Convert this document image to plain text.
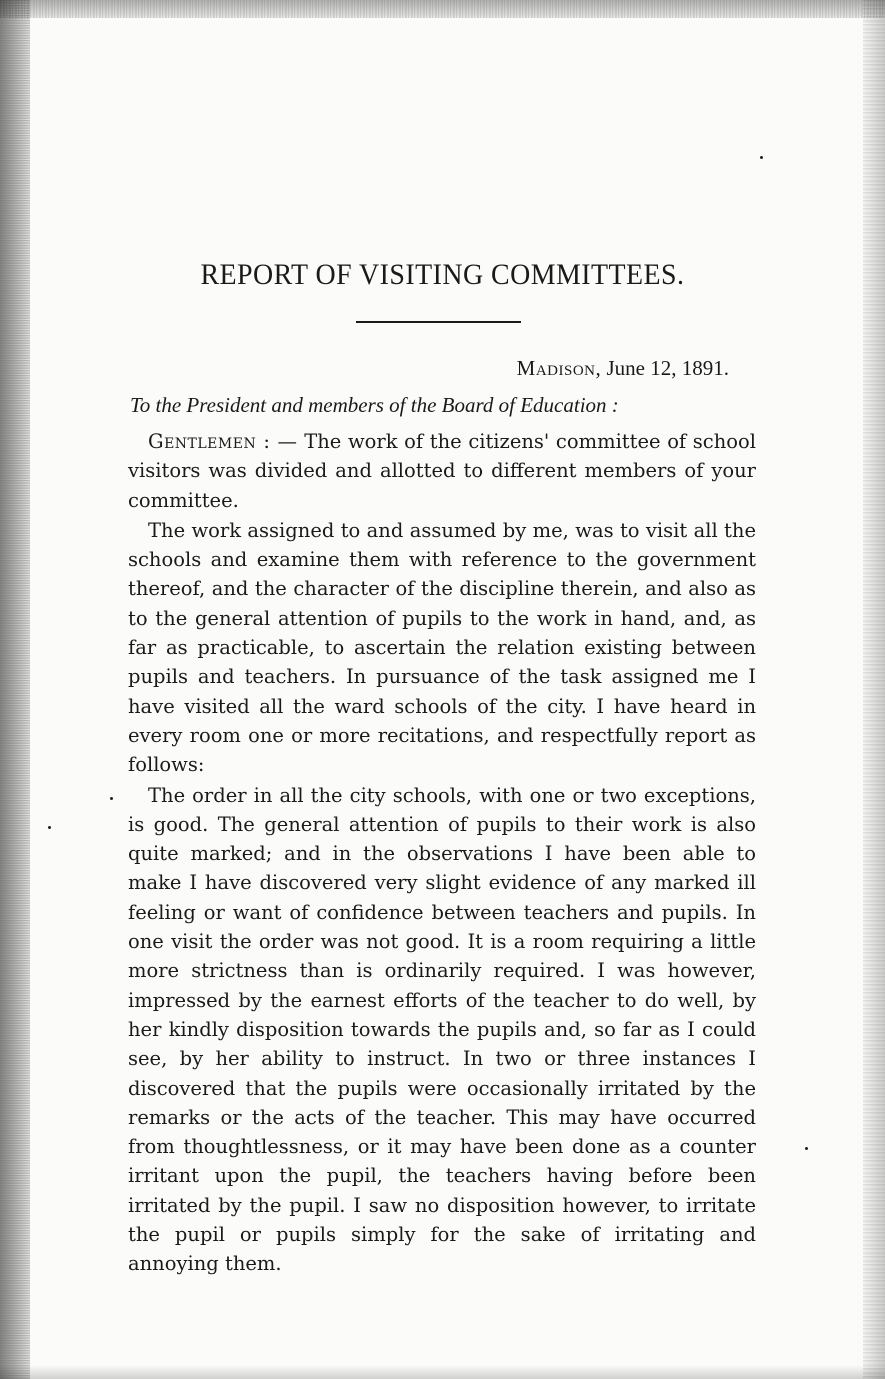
REPORT OF VISITING COMMITTEES.
Madison, June 12, 1891.
To the President and members of the Board of Education :

Gentlemen : — The work of the citizens' committee of school visitors was divided and allotted to different members of your committee.

The work assigned to and assumed by me, was to visit all the schools and examine them with reference to the government thereof, and the character of the discipline therein, and also as to the general attention of pupils to the work in hand, and, as far as practicable, to ascertain the relation existing between pupils and teachers. In pursuance of the task assigned me I have visited all the ward schools of the city. I have heard in every room one or more recitations, and respectfully report as follows:

The order in all the city schools, with one or two exceptions, is good. The general attention of pupils to their work is also quite marked; and in the observations I have been able to make I have discovered very slight evidence of any marked ill feeling or want of confidence between teachers and pupils. In one visit the order was not good. It is a room requiring a little more strictness than is ordinarily required. I was however, impressed by the earnest efforts of the teacher to do well, by her kindly disposition towards the pupils and, so far as I could see, by her ability to instruct. In two or three instances I discovered that the pupils were occasionally irritated by the remarks or the acts of the teacher. This may have occurred from thoughtlessness, or it may have been done as a counter irritant upon the pupil, the teachers having before been irritated by the pupil. I saw no disposition however, to irritate the pupil or pupils simply for the sake of irritating and annoying them.
